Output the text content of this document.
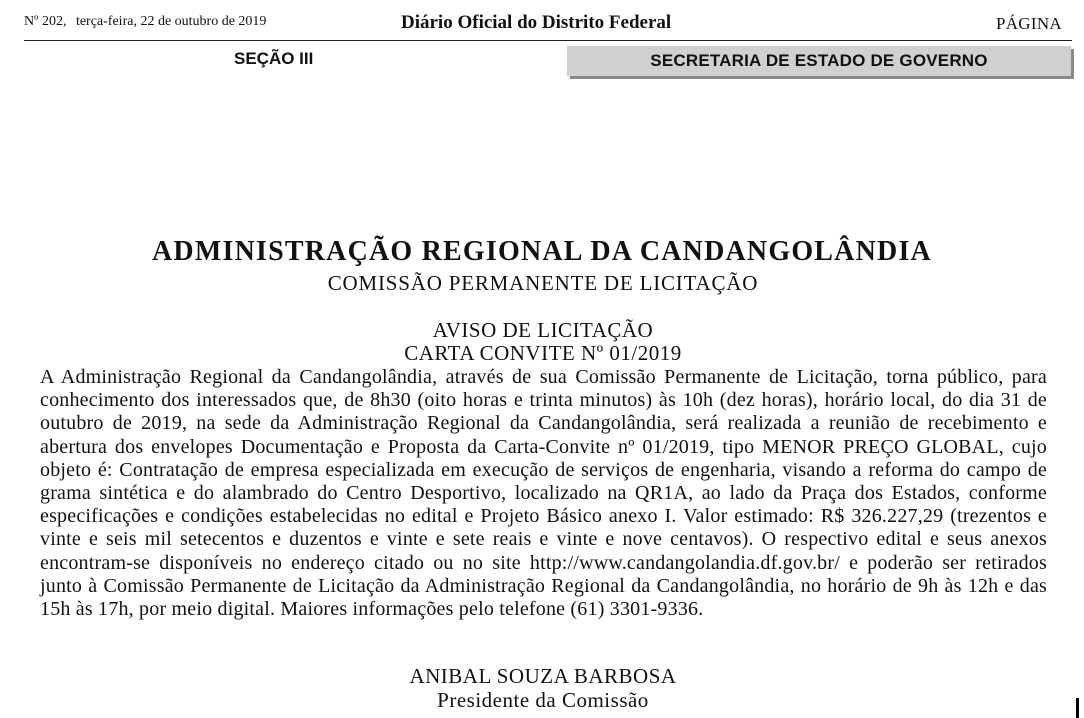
Nº 202, terça-feira, 22 de outubro de 2019	Diário Oficial do Distrito Federal	PÁGINA
SEÇÃO III	SECRETARIA DE ESTADO DE GOVERNO
ADMINISTRAÇÃO REGIONAL DA CANDANGOLÂNDIA
COMISSÃO PERMANENTE DE LICITAÇÃO
AVISO DE LICITAÇÃO
CARTA CONVITE Nº 01/2019

A Administração Regional da Candangolândia, através de sua Comissão Permanente de Licitação, torna público, para conhecimento dos interessados que, de 8h30 (oito horas e trinta minutos) às 10h (dez horas), horário local, do dia 31 de outubro de 2019, na sede da Administração Regional da Candangolândia, será realizada a reunião de recebimento e abertura dos envelopes Documentação e Proposta da Carta-Convite nº 01/2019, tipo MENOR PREÇO GLOBAL, cujo objeto é: Contratação de empresa especializada em execução de serviços de engenharia, visando a reforma do campo de grama sintética e do alambrado do Centro Desportivo, localizado na QR1A, ao lado da Praça dos Estados, conforme especificações e condições estabelecidas no edital e Projeto Básico anexo I. Valor estimado: R$ 326.227,29 (trezentos e vinte e seis mil setecentos e duzentos e vinte e sete reais e vinte e nove centavos). O respectivo edital e seus anexos encontram-se disponíveis no endereço citado ou no site http://www.candangolandia.df.gov.br/ e poderão ser retirados junto à Comissão Permanente de Licitação da Administração Regional da Candangolândia, no horário de 9h às 12h e das 15h às 17h, por meio digital. Maiores informações pelo telefone (61) 3301-9336.

ANIBAL SOUZA BARBOSA
Presidente da Comissão
